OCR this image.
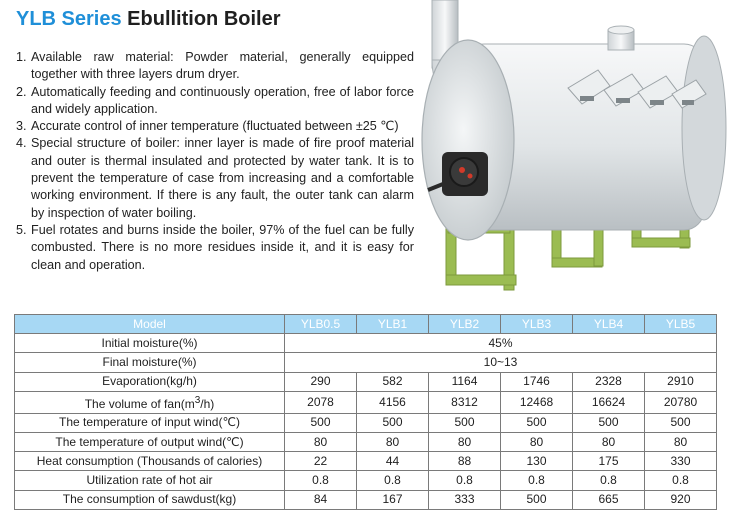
YLB Series Ebullition Boiler
1. Available raw material: Powder material, generally equipped together with three layers drum dryer.
2. Automatically feeding and continuously operation, free of labor force and widely application.
3. Accurate control of inner temperature (fluctuated between ±25 ℃)
4. Special structure of boiler: inner layer is made of fire proof material and outer is thermal insulated and protected by water tank. It is to prevent the temperature of case from increasing and a comfortable working environment. If there is any fault, the outer tank can alarm by inspection of water boiling.
5. Fuel rotates and burns inside the boiler, 97% of the fuel can be fully combusted. There is no more residues inside it, and it is easy for clean and operation.
Model	YLB0.5	YLB1	YLB2	YLB3	YLB4	YLB5
Initial moisture(%)	45%					
Final moisture(%)	10~13					
Evaporation(kg/h)	290	582	1164	1746	2328	2910
The volume of $fan(m^3/h)$	2078	4156	8312	12468	16624	20780
The temperature of input wind(℃)	500	500	500	500	500	500
The temperature of output wind(℃)	80	80	80	80	80	80
Heat consumption (Thousands of calories)	22	44	88	130	175	330
Utilization rate of hot air	0.8	0.8	0.8	0.8	0.8	0.8
The consumption of sawdust(kg)	84	167	333	500	665	920
